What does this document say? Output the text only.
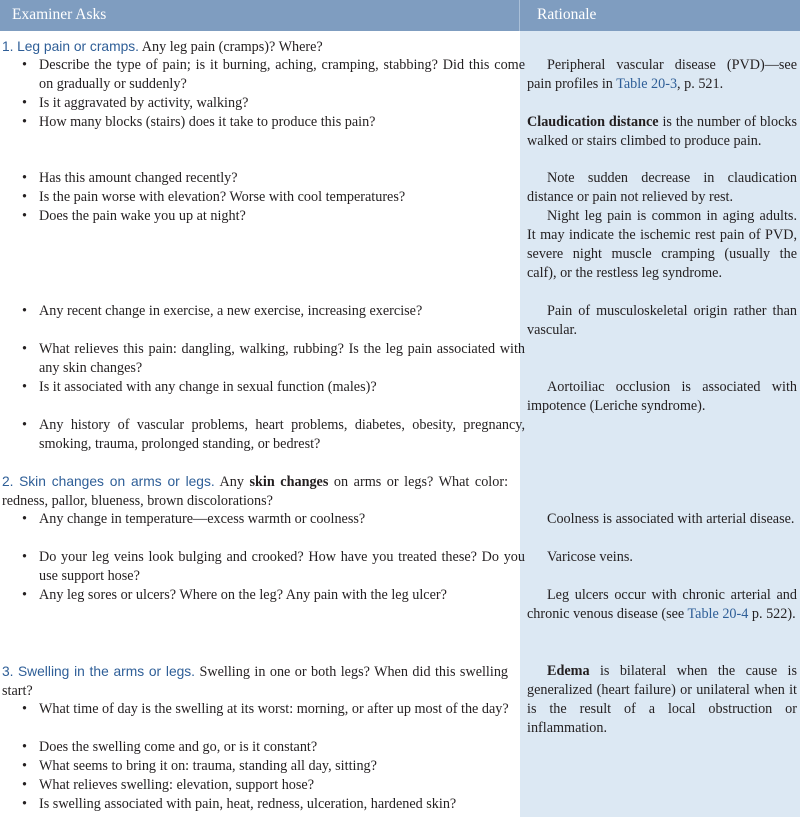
Examiner Asks	Rationale
1. Leg pain or cramps. Any leg pain (cramps)? Where?
• Describe the type of pain; is it burning, aching, cramping, stabbing? Did this come on gradually or suddenly?
• Is it aggravated by activity, walking?
• How many blocks (stairs) does it take to produce this pain?
• Has this amount changed recently?
• Is the pain worse with elevation? Worse with cool temperatures?
• Does the pain wake you up at night?
• Any recent change in exercise, a new exercise, increasing exercise?
• What relieves this pain: dangling, walking, rubbing? Is the leg pain associated with any skin changes?
• Is it associated with any change in sexual function (males)?
• Any history of vascular problems, heart problems, diabetes, obesity, pregnancy, smoking, trauma, prolonged standing, or bedrest?
2. Skin changes on arms or legs. Any skin changes on arms or legs? What color: redness, pallor, blueness, brown discolorations?
• Any change in temperature—excess warmth or coolness?
• Do your leg veins look bulging and crooked? How have you treated these? Do you use support hose?
• Any leg sores or ulcers? Where on the leg? Any pain with the leg ulcer?
3. Swelling in the arms or legs. Swelling in one or both legs? When did this swelling start?
• What time of day is the swelling at its worst: morning, or after up most of the day?
• Does the swelling come and go, or is it constant?
• What seems to bring it on: trauma, standing all day, sitting?
• What relieves swelling: elevation, support hose?
• Is swelling associated with pain, heat, redness, ulceration, hardened skin?
Peripheral vascular disease (PVD)—see pain profiles in Table 20-3, p. 521.
Claudication distance is the number of blocks walked or stairs climbed to produce pain.
Note sudden decrease in claudication distance or pain not relieved by rest.
Night leg pain is common in aging adults. It may indicate the ischemic rest pain of PVD, severe night muscle cramping (usually the calf), or the restless leg syndrome.
Pain of musculoskeletal origin rather than vascular.
Aortoiliac occlusion is associated with impotence (Leriche syndrome).
Coolness is associated with arterial disease.
Varicose veins.
Leg ulcers occur with chronic arterial and chronic venous disease (see Table 20-4 p. 522).
Edema is bilateral when the cause is generalized (heart failure) or unilateral when it is the result of a local obstruction or inflammation.
